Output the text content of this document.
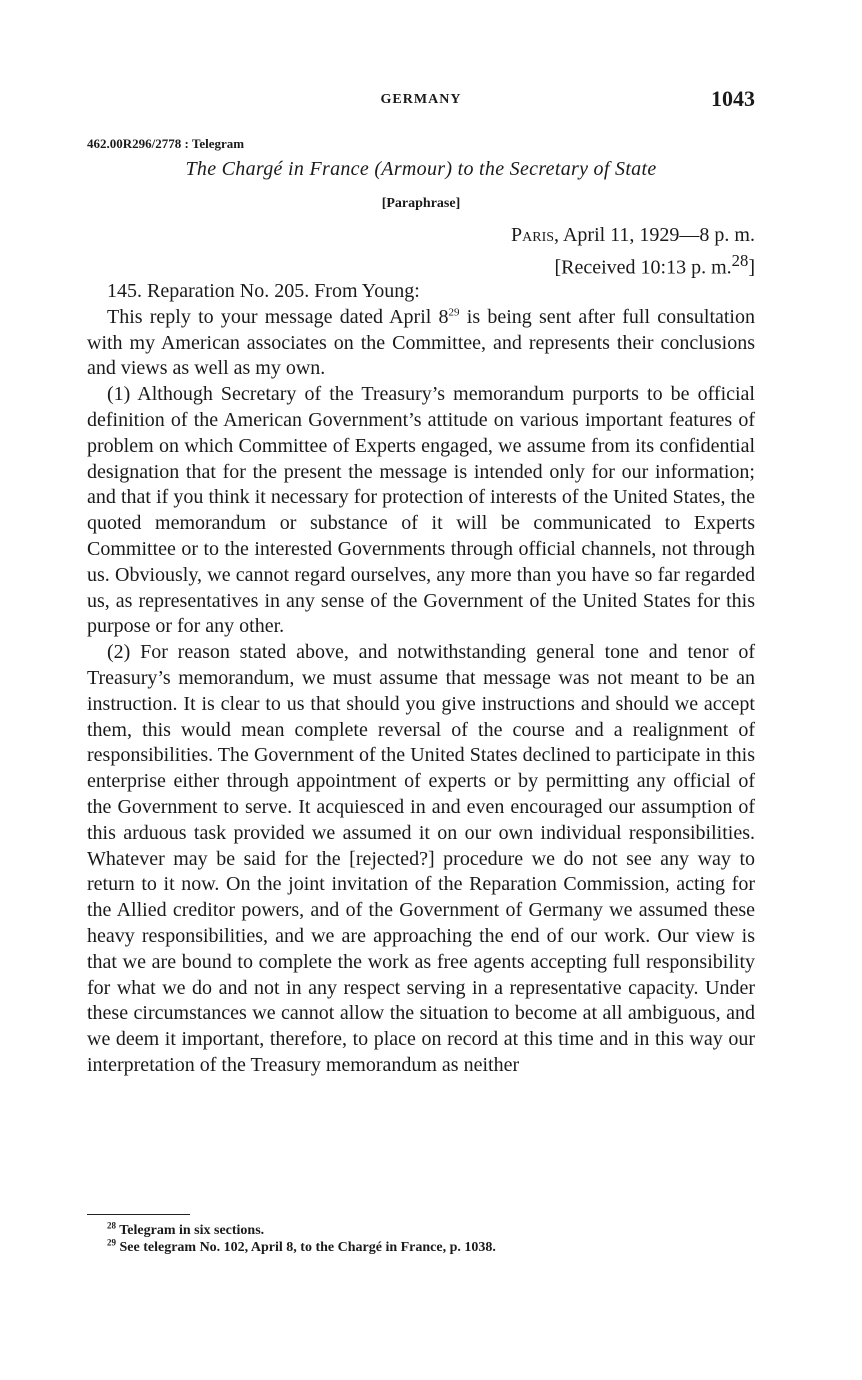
GERMANY	1043
462.00R296/2778 : Telegram
The Chargé in France (Armour) to the Secretary of State
[Paraphrase]
Paris, April 11, 1929—8 p. m.
[Received 10:13 p. m.$^{28}$]

145. Reparation No. 205. From Young:

This reply to your message dated April $8^{29}$ is being sent after full consultation with my American associates on the Committee, and represents their conclusions and views as well as my own.

(1) Although Secretary of the Treasury’s memorandum purports to be official definition of the American Government’s attitude on various important features of problem on which Committee of Experts engaged, we assume from its confidential designation that for the present the message is intended only for our information; and that if you think it necessary for protection of interests of the United States, the quoted memorandum or substance of it will be communicated to Experts Committee or to the interested Governments through official channels, not through us. Obviously, we cannot regard ourselves, any more than you have so far regarded us, as representatives in any sense of the Government of the United States for this purpose or for any other.

(2) For reason stated above, and notwithstanding general tone and tenor of Treasury’s memorandum, we must assume that message was not meant to be an instruction. It is clear to us that should you give instructions and should we accept them, this would mean complete reversal of the course and a realignment of responsibilities. The Government of the United States declined to participate in this enterprise either through appointment of experts or by permitting any official of the Government to serve. It acquiesced in and even encouraged our assumption of this arduous task provided we assumed it on our own individual responsibilities. Whatever may be said for the [rejected?] procedure we do not see any way to return to it now. On the joint invitation of the Reparation Commission, acting for the Allied creditor powers, and of the Government of Germany we assumed these heavy responsibilities, and we are approaching the end of our work. Our view is that we are bound to complete the work as free agents accepting full responsibility for what we do and not in any respect serving in a representative capacity. Under these circumstances we cannot allow the situation to become at all ambiguous, and we deem it important, therefore, to place on record at this time and in this way our interpretation of the Treasury memorandum as neither

$^{28}$ Telegram in six sections.
$^{29}$ See telegram No. 102, April 8, to the Chargé in France, p. 1038.
